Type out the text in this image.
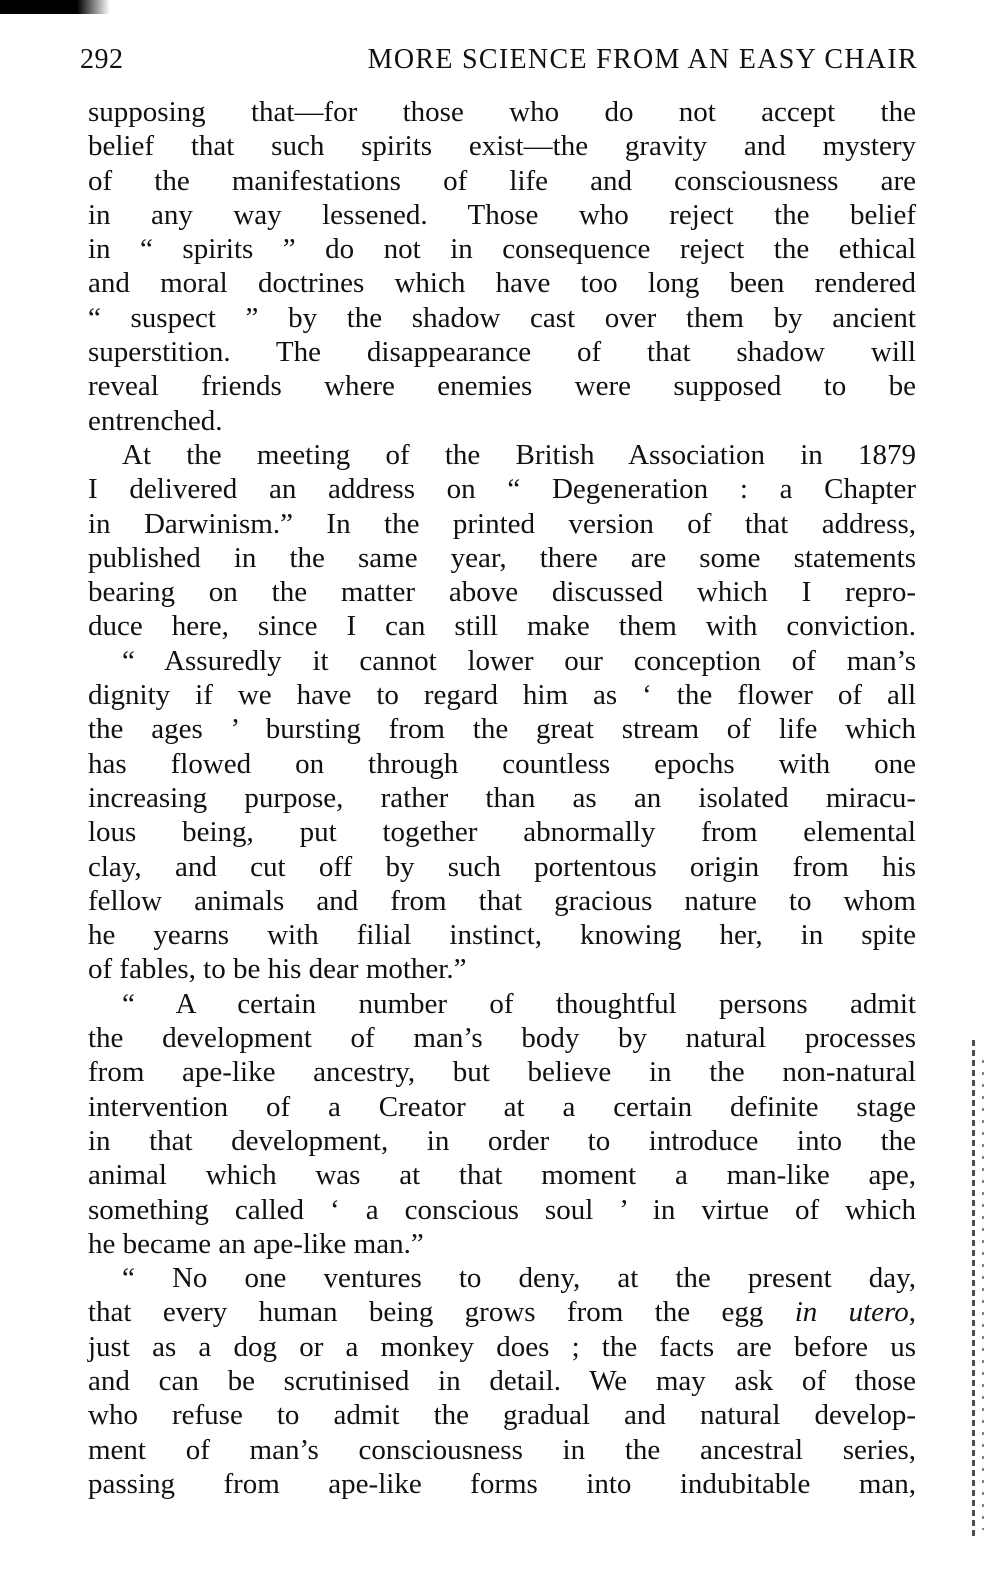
292	MORE SCIENCE FROM AN EASY CHAIR
supposing that—for those who do not accept the
belief that such spirits exist—the gravity and mystery
of the manifestations of life and consciousness are
in any way lessened. Those who reject the belief
in “ spirits ” do not in consequence reject the ethical
and moral doctrines which have too long been rendered
“ suspect ” by the shadow cast over them by ancient
superstition. The disappearance of that shadow will
reveal friends where enemies were supposed to be
entrenched.
At the meeting of the British Association in 1879
I delivered an address on “ Degeneration : a Chapter
in Darwinism.” In the printed version of that address,
published in the same year, there are some statements
bearing on the matter above discussed which I repro-
duce here, since I can still make them with conviction.
“ Assuredly it cannot lower our conception of man’s
dignity if we have to regard him as ‘ the flower of all
the ages ’ bursting from the great stream of life which
has flowed on through countless epochs with one
increasing purpose, rather than as an isolated miracu-
lous being, put together abnormally from elemental
clay, and cut off by such portentous origin from his
fellow animals and from that gracious nature to whom
he yearns with filial instinct, knowing her, in spite
of fables, to be his dear mother.”
“ A certain number of thoughtful persons admit
the development of man’s body by natural processes
from ape-like ancestry, but believe in the non-natural
intervention of a Creator at a certain definite stage
in that development, in order to introduce into the
animal which was at that moment a man-like ape,
something called ‘ a conscious soul ’ in virtue of which
he became an ape-like man.”
“ No one ventures to deny, at the present day,
that every human being grows from the egg in utero,
just as a dog or a monkey does ; the facts are before us
and can be scrutinised in detail. We may ask of those
who refuse to admit the gradual and natural develop-
ment of man’s consciousness in the ancestral series,
passing from ape-like forms into indubitable man,
